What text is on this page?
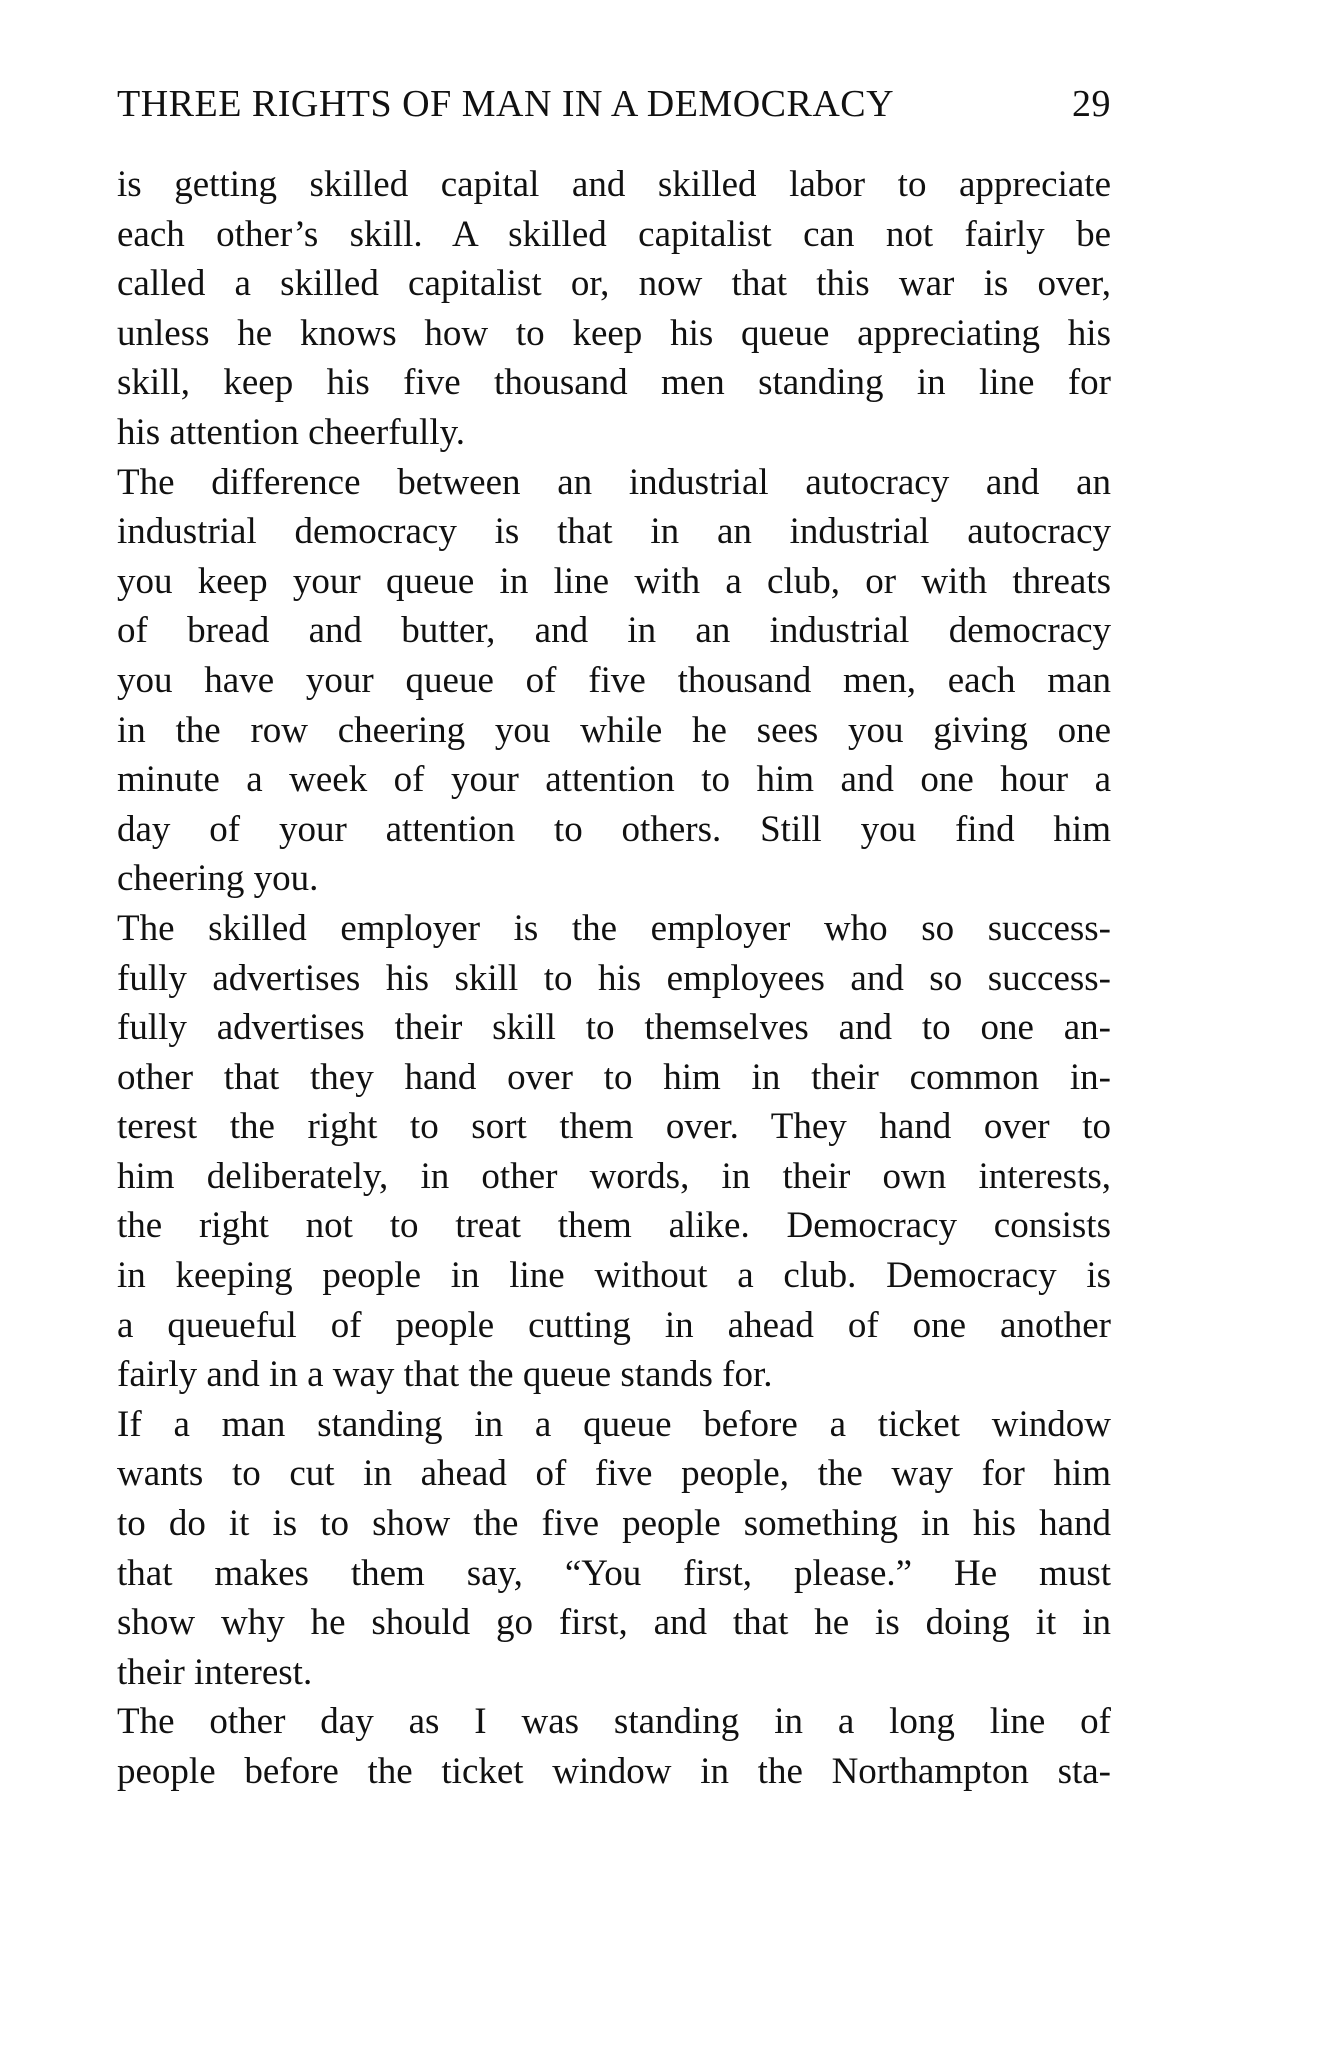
THREE RIGHTS OF MAN IN A DEMOCRACY	29
is getting skilled capital and skilled labor to appreciate
each other’s skill. A skilled capitalist can not fairly be
called a skilled capitalist or, now that this war is over,
unless he knows how to keep his queue appreciating his
skill, keep his five thousand men standing in line for
his attention cheerfully.
The difference between an industrial autocracy and an
industrial democracy is that in an industrial autocracy
you keep your queue in line with a club, or with threats
of bread and butter, and in an industrial democracy
you have your queue of five thousand men, each man
in the row cheering you while he sees you giving one
minute a week of your attention to him and one hour a
day of your attention to others. Still you find him
cheering you.
The skilled employer is the employer who so success-
fully advertises his skill to his employees and so success-
fully advertises their skill to themselves and to one an-
other that they hand over to him in their common in-
terest the right to sort them over. They hand over to
him deliberately, in other words, in their own interests,
the right not to treat them alike. Democracy consists
in keeping people in line without a club. Democracy is
a queueful of people cutting in ahead of one another
fairly and in a way that the queue stands for.
If a man standing in a queue before a ticket window
wants to cut in ahead of five people, the way for him
to do it is to show the five people something in his hand
that makes them say, “You first, please.” He must
show why he should go first, and that he is doing it in
their interest.
The other day as I was standing in a long line of
people before the ticket window in the Northampton sta-
